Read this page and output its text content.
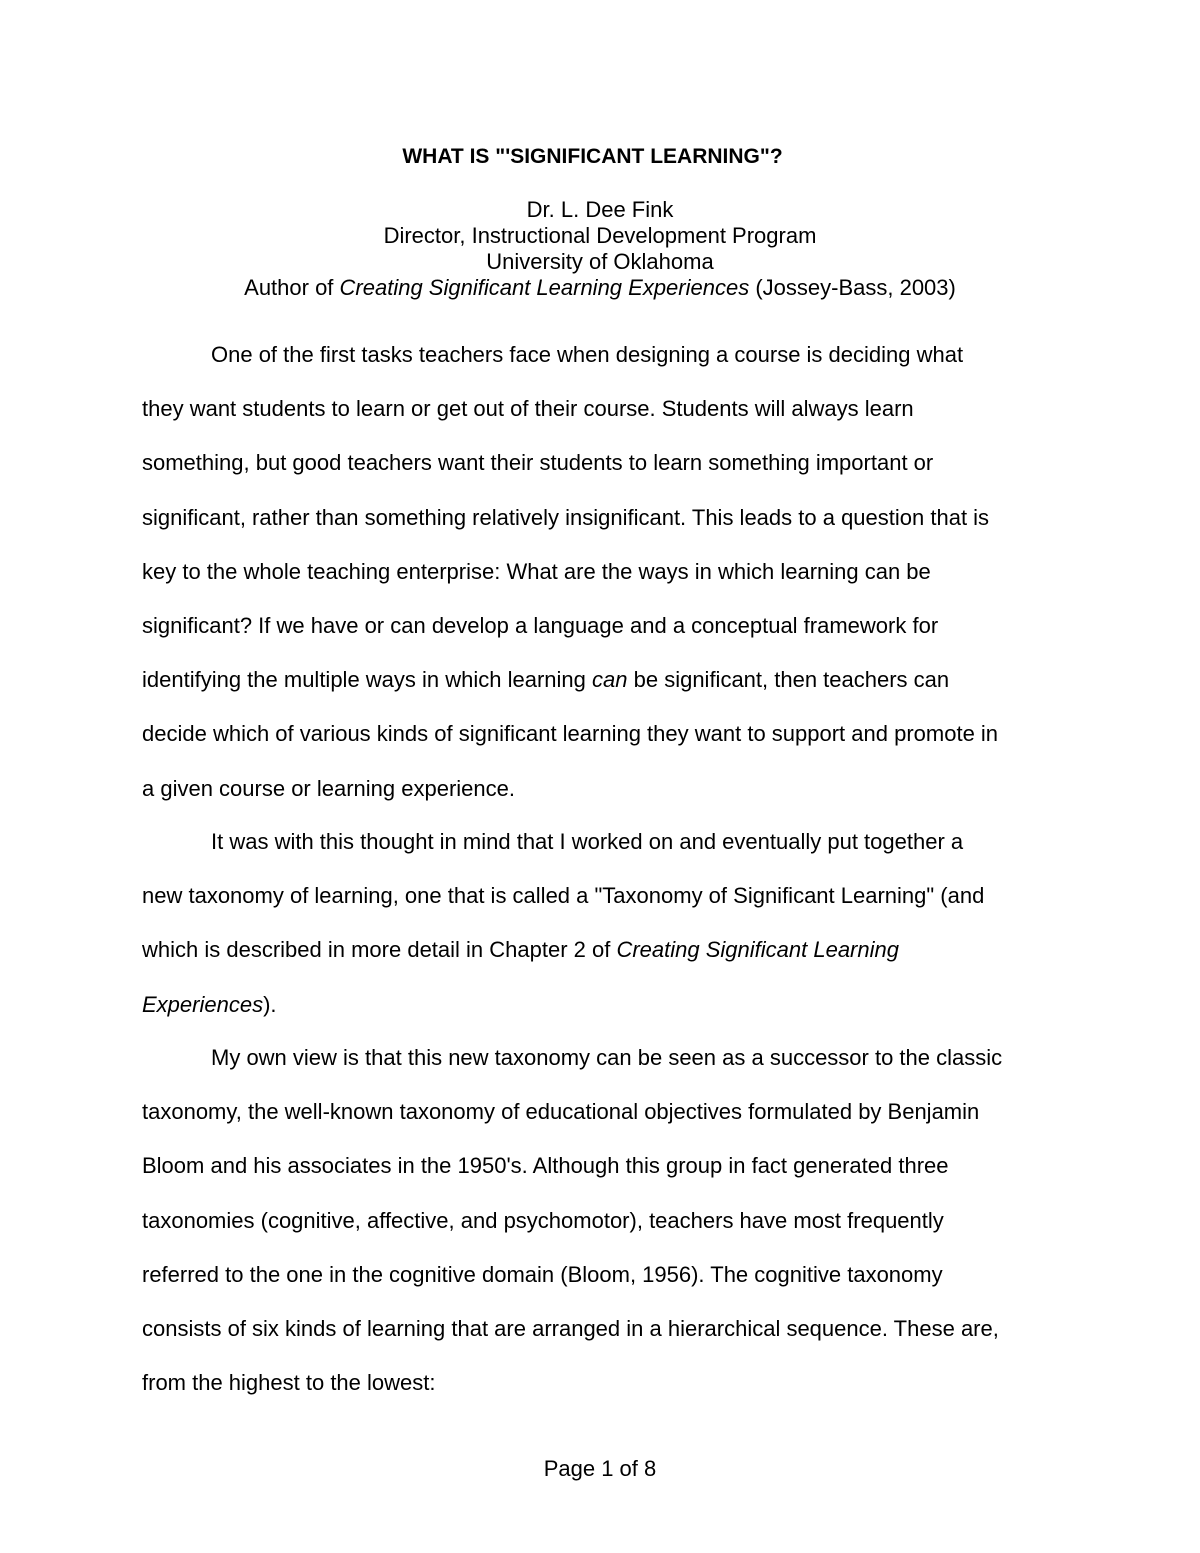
WHAT IS "'SIGNIFICANT LEARNING"?
Dr. L. Dee Fink
Director, Instructional Development Program
University of Oklahoma
Author of Creating Significant Learning Experiences (Jossey-Bass, 2003)
One of the first tasks teachers face when designing a course is deciding what
they want students to learn or get out of their course. Students will always learn
something, but good teachers want their students to learn something important or
significant, rather than something relatively insignificant. This leads to a question that is
key to the whole teaching enterprise: What are the ways in which learning can be
significant? If we have or can develop a language and a conceptual framework for
identifying the multiple ways in which learning can be significant, then teachers can
decide which of various kinds of significant learning they want to support and promote in
a given course or learning experience.
It was with this thought in mind that I worked on and eventually put together a
new taxonomy of learning, one that is called a "Taxonomy of Significant Learning" (and
which is described in more detail in Chapter 2 of Creating Significant Learning
Experiences).
My own view is that this new taxonomy can be seen as a successor to the classic
taxonomy, the well-known taxonomy of educational objectives formulated by Benjamin
Bloom and his associates in the 1950's. Although this group in fact generated three
taxonomies (cognitive, affective, and psychomotor), teachers have most frequently
referred to the one in the cognitive domain (Bloom, 1956). The cognitive taxonomy
consists of six kinds of learning that are arranged in a hierarchical sequence. These are,
from the highest to the lowest:
Page 1 of 8
